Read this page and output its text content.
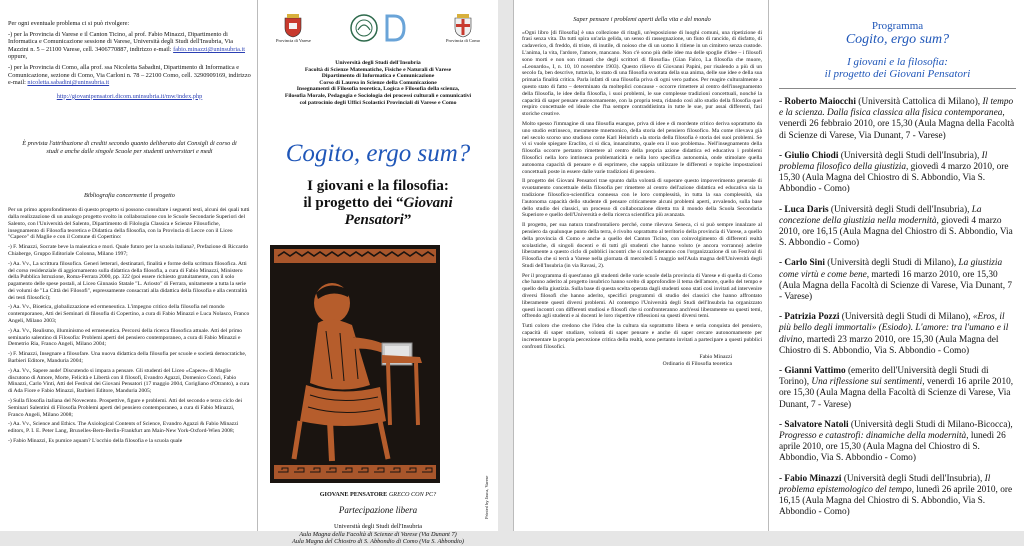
Per ogni eventuale problema ci si può rivolgere:

-) per la Provincia di Varese e il Canton Ticino, al prof. Fabio Minazzi, Dipartimento di Informatica e Comunicazione sessione di Varese, Università degli Studi dell'Insubria, Via Mazzini n. 5 – 21100 Varese, cell. 3406770887, indirizzo e-mail: fabio.minazzi@uninsubria.it oppure,

-) per la Provincia di Como, alla prof. ssa Nicoletta Sabadini, Dipartimento di Informatica e Comunicazione, sezione di Como, Via Carloni n. 78 – 22100 Como, cell. 3290909169, indirizzo e-mail: nicoletta.sabadini@uninsubria.it

http://giovanipensatori.dicom.uninsubria.it/mw/index.php

È prevista l'attribuzione di crediti secondo quanto deliberato dai Consigli di corso di studi e anche dalle singole Scuole per studenti universitari e medi

Bibliografia concernente il progetto

Per un primo approfondimento di questo progetto si possono consultare i seguenti testi, alcuni dei quali tutti dalla realizzazione di un analogo progetto svolto in collaborazione con le Scuole Secondarie Superiori del Salento, con l'Università del Salento, Dipartimento di Filologia Classica e Scienze Filosofiche, insegnamento di Filosofia teoretica e Didattica della filosofia, con la Provincia di Lecce con il Liceo "Capece" di Maglie e con il Comune di Copertino:

-) F. Minazzi, Socrate beve la maieutica e mori. Quale futuro per la scuola italiana?, Prefazione di Riccardo Chiaberge, Gruppo Editoriale Colonna, Milano 1997;

-) Aa. Vv., La scrittura filosofica. Generi letterari, destinatari, finalità e forme della scrittura filosofica. Atti del corso residenziale di aggiornamento sulla didattica della filosofia, a cura di Fabio Minazzi, Ministero della Pubblica Istruzione, Roma-Ferrara 2000, pp. 322 (poi essere richiesto gratuitamente, con il solo pagamento delle spese postali, al Liceo Ginnasio Statale "L. Ariosto" di Ferrara, unitamente a tutta la serie dei volumi de "La Città dei Filosofi", espressamente consacrati alla didattica della filosofia e alla centralità dei testi filosofici);

-) Aa. Vv., Bioetica, globalizzazione ed ermeneutica. L'impegno critico della filosofia nel mondo contemporaneo, Atti dei Seminari di filosofia di Copertino, a cura di Fabio Minazzi e Luca Nolasco, Franco Angeli, Milano 2003;

-) Aa. Vv., Realismo, illuminismo ed ermeneutica. Percorsi della ricerca filosofica attuale. Atti del primo seminario salentino di Filosofia: Problemi aperti del pensiero contemporaneo, a cura di Fabio Minazzi e Demetrio Ria, Franco Angeli, Milano 2004;

-) F. Minazzi, Insegnare a filosofare. Una nuova didattica della filosofia per scuole e società democratiche, Barbieri Editore, Manduria 2004;

-) Aa. Vv., Sapere aude! Discutendo si impara a pensare. Gli studenti del Liceo «Capece» di Maglie discutono di Amore, Morte, Felicità e Libertà con il filosofi, Evandro Agazzi, Domenico Conci, Fabio Minazzi, Carlo Vinti, Atti del Festival dei Giovani Pensatori (17 maggio 2004, Corigliano d'Otranto), a cura di Ada Fiore e Fabio Minazzi, Barbieri Editore, Manduria 2005;

-) Sulla filosofia italiana del Novecento. Prospettive, figure e problemi. Atti del secondo e terzo ciclo dei Seminari Salentini di Filosofia Problemi aperti del pensiero contemporaneo, a cura di Fabio Minazzi, Franco Angeli, Milano 2008;

-) Aa. Vv., Science and Ethics. The Axiological Contents of Science, Evandro Agazzi & Fabio Minazzi editors, P. I. E. Peter Lang, Bruxelles-Bern-Berlin-Frankfurt am Main-New York-Oxford-Wien 2008;

-) Fabio Minazzi, Es pumice aquam? L'occhio della filosofia e la scuola quale

Provincia di Varese	Provincia di Como
Università degli Studi dell'Insubria
Facoltà di Scienze Matematiche, Fisiche e Naturali di Varese
Dipartimento di Informatica e Comunicazione
Corso di Laurea in Scienze della Comunicazione
Insegnamenti di Filosofia teoretica, Logica e Filosofia della scienza,
Filosofia Morale, Pedagogia e Sociologia dei processi culturali e comunicativi
col patrocinio degli Uffici Scolastici Provinciali di Varese e Como
Cogito, ergo sum?
I giovani e la filosofia:
il progetto dei “Giovani Pensatori”
GIOVANE PENSATORE GRECO CON PC?
Partecipazione libera
Università degli Studi dell'Insubria
Aula Magna della Facoltà di Scienze di Varese (Via Dunant 7)
Aula Magna del Chiostro di S. Abbondio di Como (Via S. Abbondio)
Printed by Jasca, Varese
Saper pensare i problemi aperti della vita e del mondo

«Ogni libro [di filosofia] è una collezione di ritagli, un'esposizione di luoghi comuni, una ripetizione di frasi senza vita. Da tutti spira un'aria gelida, un senso di rassegnazione, un fiuto di rancido, di disfatto, di cadaverico, di freddo, di triste, di inutile, di noioso che di un uomo li ritiene in un cimitero senza custode. L'anima, la vita, l'ardore, l'amore, mancano. Non c'è sono più delle idee ma delle spoglie d'idee – i filosofi sono morti e non son rimasti che degli scrittori di filosofia» (Gian Falco, La filosofia che muore, «Leonardo», I, n. 10, 10 novembre 1903). Questo rilievo di Giovanni Papini, pur risalendo a più di un secolo fa, ben descrive, tuttavia, lo stato di una filosofia svuotata della sua anima, delle sue idee e della sua primaria finalità critica. Parla infatti di una filosofia priva di ogni vero pathos. Per reagire culturalmente a questo stato di fatto – determinato da molteplici concause - occorre rimettere al centro dell'insegnamento della filosofia, le idee della filosofia, i suoi problemi, le sue complesse tradizioni concettuali, nonché la capacità di saper pensare autonomamente, con la propria testa, ridando così allo studio della filosofia quel respiro concettuale ed ideale che l'ha sempre contraddistinta in tutte le sue, pur assai differenti, fasi storiche creative.

Molto spesso l'immagine di una filosofia esangue, priva di idee e di mordente critico deriva soprattutto da uno studio estrinseco, meramente mnemonico, della storia del pensiero filosofico. Ma come rilevava già nel secolo scorso uno studioso come Karl Heinrich «la storia della filosofia è storia dei suoi problemi. Se vi si vuole spiegare Eraclito, ci si dica, innanzitutto, quale era il suo problema». Nell'insegnamento della filosofia occorre pertanto rimettere al centro della propria azione didattica ed educativa i problemi filosofici nella loro intrinseca problematicità e nella loro specifica autonomia, onde stimolare quella autonoma capacità di pensare e di esprimere, che sappia utilizzare le differenti e topiche impostazioni concettuali poste in essere dalle varie tradizioni di pensiero.

Il progetto dei Giovani Pensatori trae spunto dalla volontà di superare questo impoverimento generale di svuotamento concettuale della filosofia per rimettere al centro dell'azione didattica ed educativa sia la tradizione filosofico-scientifica connessa con le loro complessità, in tutta la sua complessità, sia l'autonoma capacità dello studente di pensare criticamente alcuni problemi aperti, avvalendo, sulla base dello studio dei classici, un processo di collaborazione diretta tra il mondo della Scuola Secondaria Superiore e quello dell'Università e della ricerca scientifica più avanzata.

Il progetto, per sua natura transfrontaliero perché, come rilevava Seneca, ci si può sempre innalzare al pensiero da qualunque punto della terra, è rivolto soprattutto al territorio della provincia di Varese, a quello della provincia di Como e anche a quello del Canton Ticino, con coinvolgimento di differenti realtà scolastiche, di singoli docenti e di tutti gli studenti che hanno voluto (e ancora vorranno) aderire liberamente a questo ciclo di pubblici incontri che si concluderanno con l'organizzazione di un Festival di Filosofia che si terrà a Varese nella giornata di mercoledì 5 maggio nell'Aula magna dell'Università degli Studi dell'Insubria (in via Ravasi, 2).

Per il programma di quest'anno gli studenti delle varie scuole della provincia di Varese e di quella di Como che hanno aderito al progetto insubrico hanno scelto di approfondire il tema dell'amore, quello del tempo e quello della giustizia. Sulla base di questa scelta operata dagli studenti sono stati così invitati ad intervenire diversi filosofi che hanno aderito, specifici programmi di studio dei classici che hanno affrontato liberamente questi diversi problemi. Al contempo l'Università degli Studi dell'Insubria ha organizzato questi incontri con differenti studiosi e filosofi che si confronteranno anch'essi liberamente su questi temi, offrendo agli studenti e ai docenti le loro rispettive riflessioni su questi diversi temi.

Tutti coloro che credono che l'idea che la cultura sia soprattutto libera e seria conquista del pensiero, capacità di saper studiare, volontà di saper pensare e anche di saper cercare autonomamente per incrementare la propria percezione critica della realtà, sono pertanto invitati a partecipare a questi pubblici confronti filosofici.

Fabio Minazzi
Ordinario di Filosofia teoretica
Programma
Cogito, ergo sum?
I giovani e la filosofia:
il progetto dei Giovani Pensatori
- Roberto Maiocchi (Università Cattolica di Milano), Il tempo e la scienza. Dalla fisica classica alla fisica contemporanea, venerdì 26 febbraio 2010, ore 15,30 (Aula Magna della Facoltà di Scienze di Varese, Via Dunant, 7 - Varese)
- Giulio Chiodi (Università degli Studi dell'Insubria), Il problema filosofico della giustizia, giovedì 4 marzo 2010, ore 15,30 (Aula Magna del Chiostro di S. Abbondio, Via S. Abbondio - Como)
- Luca Daris (Università degli Studi dell'Insubria), La concezione della giustizia nella modernità, giovedì 4 marzo 2010, ore 16,15 (Aula Magna del Chiostro di S. Abbondio, Via S. Abbondio - Como)
- Carlo Sini (Università degli Studi di Milano), La giustizia come virtù e come bene, martedì 16 marzo 2010, ore 15,30 (Aula Magna della Facoltà di Scienze di Varese, Via Dunant, 7 - Varese)
- Patrizia Pozzi (Università degli Studi di Milano), «Eros, il più bello degli immortali» (Esiodo). L'amore: tra l'umano e il divino, martedì 23 marzo 2010, ore 15,30 (Aula Magna del Chiostro di S. Abbondio, Via S. Abbondio - Como)
- Gianni Vattimo (emerito dell'Università degli Studi di Torino), Una riflessione sui sentimenti, venerdì 16 aprile 2010, ore 15,30 (Aula Magna della Facoltà di Scienze di Varese, Via Dunant, 7 - Varese)
- Salvatore Natoli (Università degli Studi di Milano-Bicocca), Progresso e catastrofi: dinamiche della modernità, lunedì 26 aprile 2010, ore 15,30 (Aula Magna del Chiostro di S. Abbondio, Via S. Abbondio - Como)
- Fabio Minazzi (Università degli Studi dell'Insubria), Il problema epistemologico del tempo, lunedì 26 aprile 2010, ore 16,15 (Aula Magna del Chiostro di S. Abbondio, Via S. Abbondio - Como)
